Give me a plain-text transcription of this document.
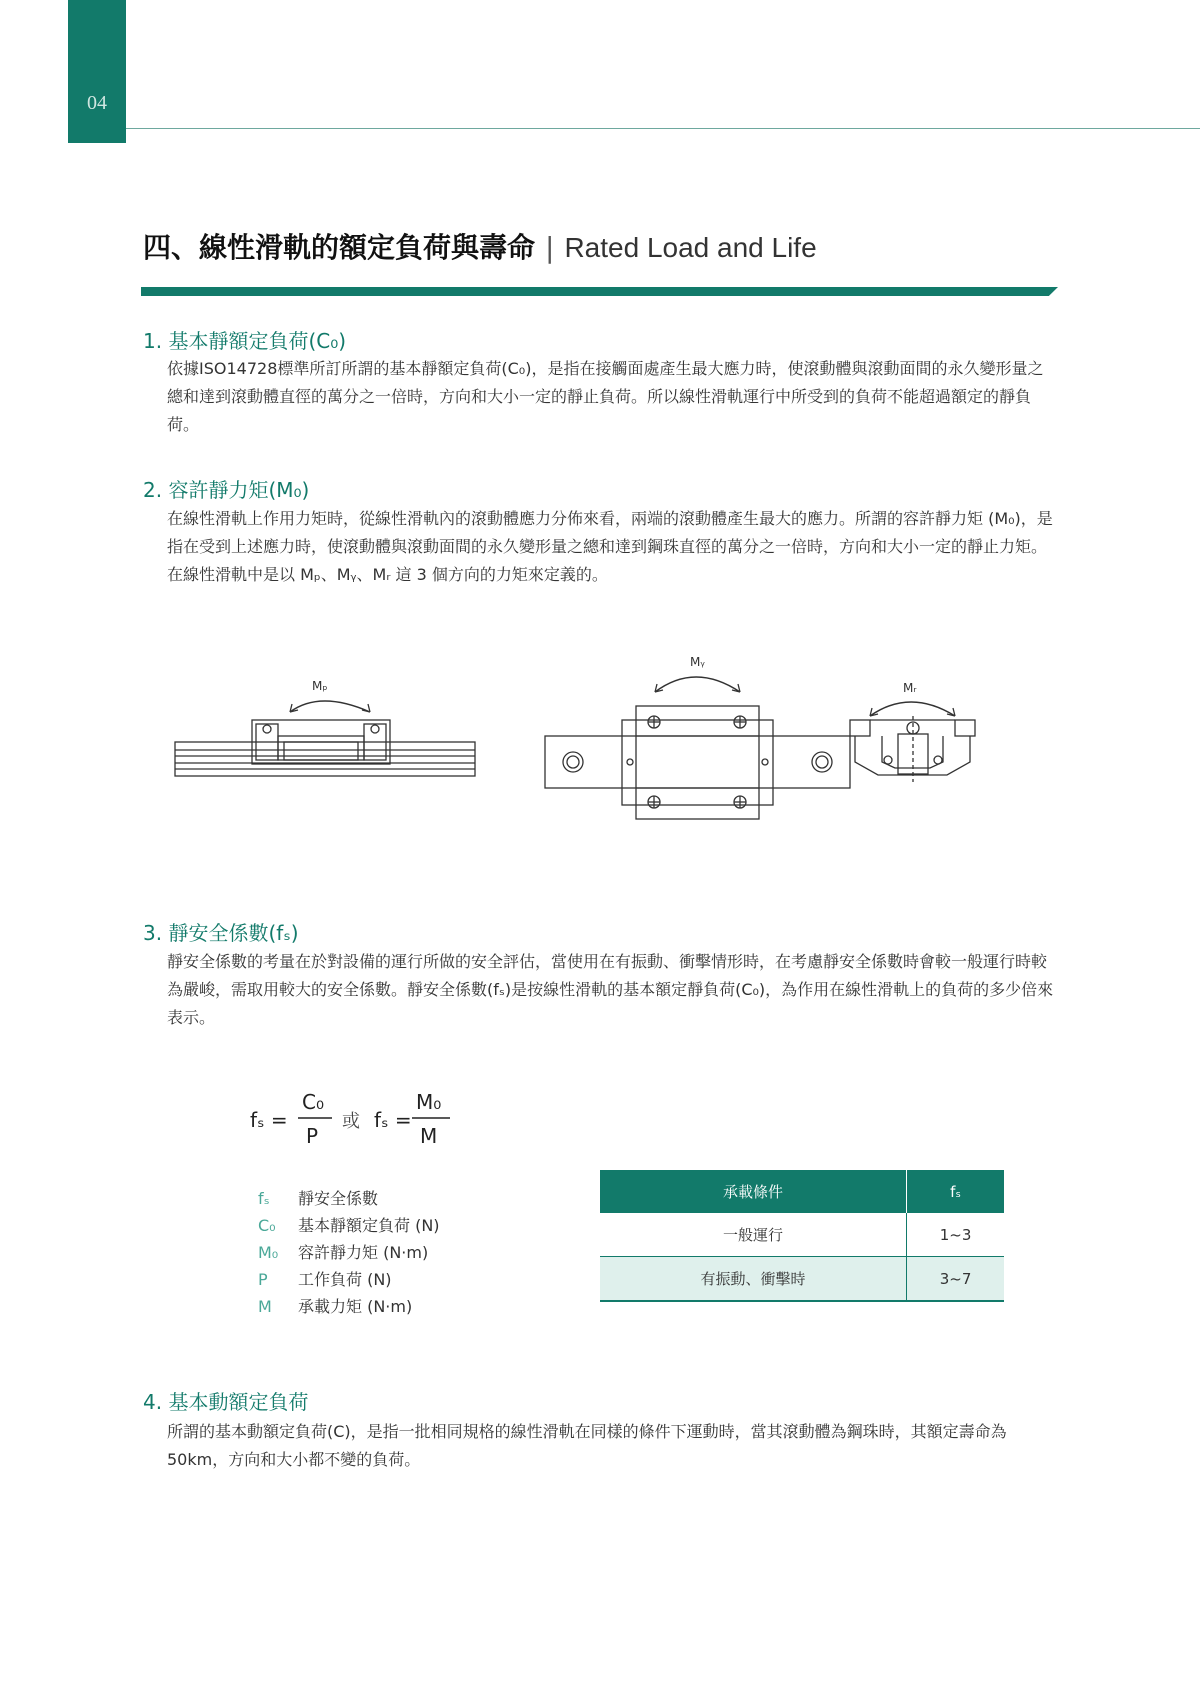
04
四、線性滑軌的額定負荷與壽命 | Rated Load and Life
1. 基本靜額定負荷(C₀)
依據ISO14728標準所訂所謂的基本靜額定負荷(C₀)，是指在接觸面處產生最大應力時，使滾動體與滾動面間的永久變形量之總和達到滾動體直徑的萬分之一倍時，方向和大小一定的靜止負荷。所以線性滑軌運行中所受到的負荷不能超過額定的靜負荷。
2. 容許靜力矩(M₀)
在線性滑軌上作用力矩時，從線性滑軌內的滾動體應力分佈來看，兩端的滾動體產生最大的應力。所謂的容許靜力矩 (M₀)，是指在受到上述應力時，使滾動體與滾動面間的永久變形量之總和達到鋼珠直徑的萬分之一倍時，方向和大小一定的靜止力矩。在線性滑軌中是以 Mₚ、Mᵧ、Mᵣ 這 3 個方向的力矩來定義的。
Mₚ
Mᵧ
Mᵣ
3. 靜安全係數(fₛ)
靜安全係數的考量在於對設備的運行所做的安全評估，當使用在有振動、衝擊情形時，在考慮靜安全係數時會較一般運行時較為嚴峻，需取用較大的安全係數。靜安全係數(fₛ)是按線性滑軌的基本額定靜負荷(C₀)，為作用在線性滑軌上的負荷的多少倍來表示。
fₛ =
C₀
P
或 fₛ =
M₀
M
fₛ 靜安全係數
C₀ 基本靜額定負荷 (N)
M₀ 容許靜力矩 (N·m)
P 工作負荷 (N)
M 承載力矩 (N·m)
承載條件	fₛ
一般運行	1~3
有振動、衝擊時	3~7
4. 基本動額定負荷
所謂的基本動額定負荷(C)，是指一批相同規格的線性滑軌在同樣的條件下運動時，當其滾動體為鋼珠時，其額定壽命為50km，方向和大小都不變的負荷。
